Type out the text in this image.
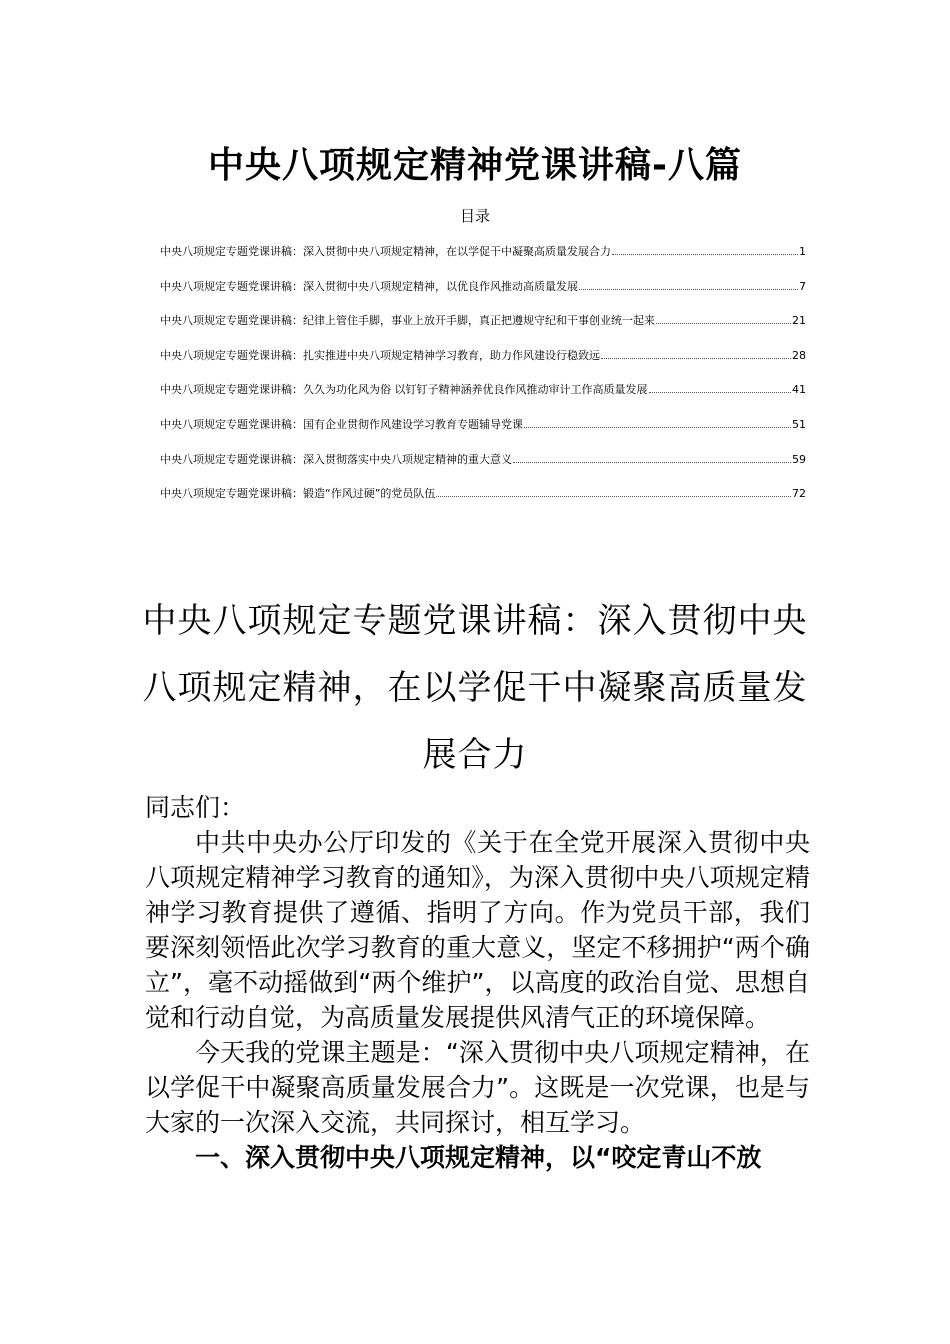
中央八项规定精神党课讲稿-八篇
目录
中央八项规定专题党课讲稿：深入贯彻中央八项规定精神，在以学促干中凝聚高质量发展合力	1
中央八项规定专题党课讲稿：深入贯彻中央八项规定精神，以优良作风推动高质量发展	7
中央八项规定专题党课讲稿：纪律上管住手脚，事业上放开手脚，真正把遵规守纪和干事创业统一起来	21
中央八项规定专题党课讲稿：扎实推进中央八项规定精神学习教育，助力作风建设行稳致远	28
中央八项规定专题党课讲稿：久久为功化风为俗 以钉钉子精神涵养优良作风推动审计工作高质量发展	41
中央八项规定专题党课讲稿：国有企业贯彻作风建设学习教育专题辅导党课	51
中央八项规定专题党课讲稿：深入贯彻落实中央八项规定精神的重大意义	59
中央八项规定专题党课讲稿：锻造“作风过硬”的党员队伍	72
中央八项规定专题党课讲稿：深入贯彻中央八项规定精神，在以学促干中凝聚高质量发展合力

同志们：

中共中央办公厅印发的《关于在全党开展深入贯彻中央八项规定精神学习教育的通知》，为深入贯彻中央八项规定精神学习教育提供了遵循、指明了方向。作为党员干部，我们要深刻领悟此次学习教育的重大意义，坚定不移拥护“两个确立”，毫不动摇做到“两个维护”，以高度的政治自觉、思想自觉和行动自觉，为高质量发展提供风清气正的环境保障。

今天我的党课主题是：“深入贯彻中央八项规定精神，在以学促干中凝聚高质量发展合力”。这既是一次党课，也是与大家的一次深入交流，共同探讨，相互学习。

一、深入贯彻中央八项规定精神，以“咬定青山不放
